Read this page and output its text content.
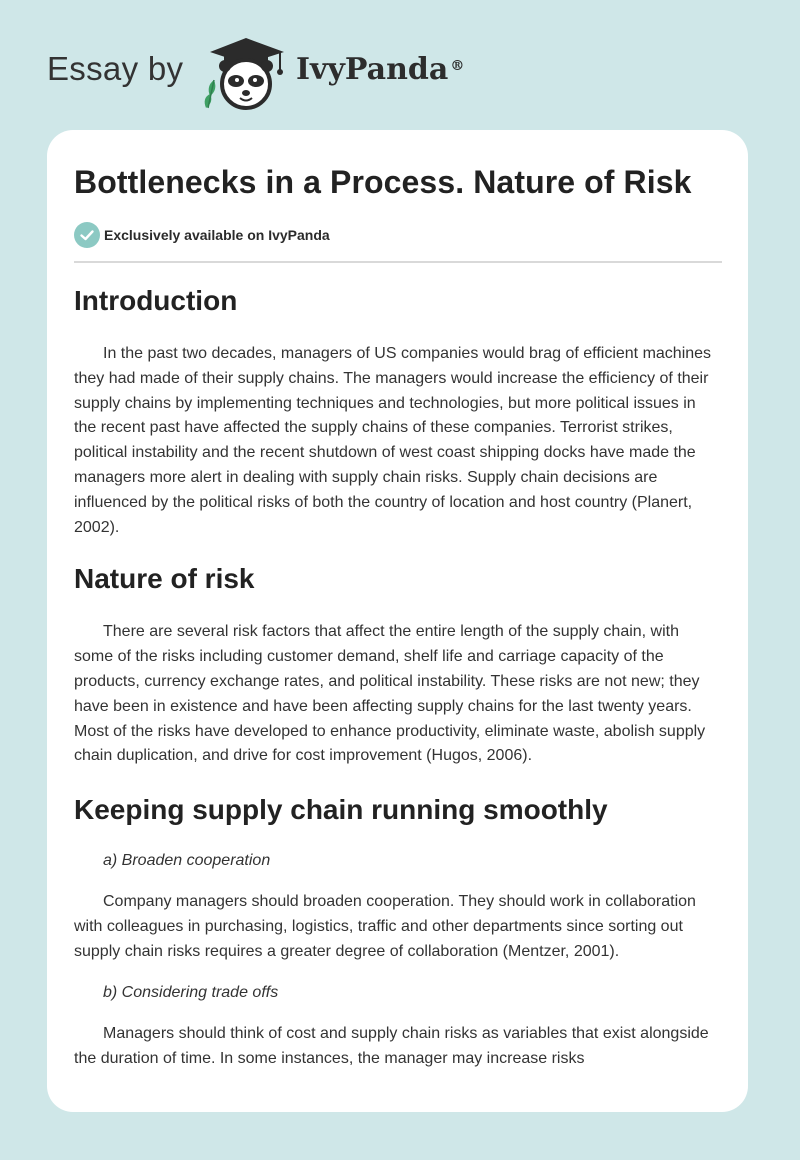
Essay by	IvyPanda ®
Bottlenecks in a Process. Nature of Risk
Exclusively available on IvyPanda
Introduction

In the past two decades, managers of US companies would brag of efficient machines they had made of their supply chains. The managers would increase the efficiency of their supply chains by implementing techniques and technologies, but more political issues in the recent past have affected the supply chains of these companies. Terrorist strikes, political instability and the recent shutdown of west coast shipping docks have made the managers more alert in dealing with supply chain risks. Supply chain decisions are influenced by the political risks of both the country of location and host country (Planert, 2002).

Nature of risk

There are several risk factors that affect the entire length of the supply chain, with some of the risks including customer demand, shelf life and carriage capacity of the products, currency exchange rates, and political instability. These risks are not new; they have been in existence and have been affecting supply chains for the last twenty years. Most of the risks have developed to enhance productivity, eliminate waste, abolish supply chain duplication, and drive for cost improvement (Hugos, 2006).

Keeping supply chain running smoothly
a) Broaden cooperation

Company managers should broaden cooperation. They should work in collaboration with colleagues in purchasing, logistics, traffic and other departments since sorting out supply chain risks requires a greater degree of collaboration (Mentzer, 2001).

b) Considering trade offs

Managers should think of cost and supply chain risks as variables that exist alongside the duration of time. In some instances, the manager may increase risks
